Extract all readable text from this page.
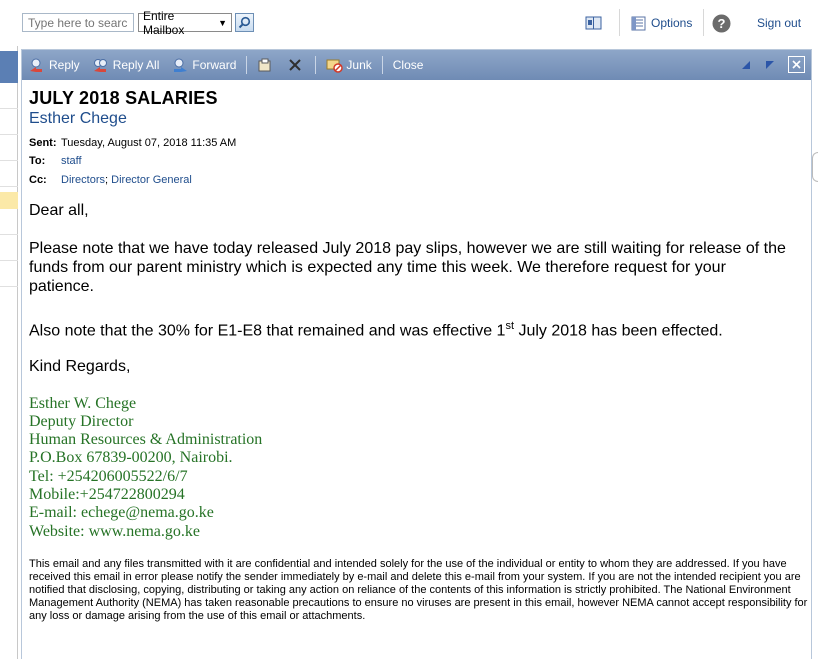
Type here to search
Entire Mailbox	▼	Options ?	Sign out
Reply	Reply All	Forward	Junk Close
JULY 2018 SALARIES
Esther Chege
Sent: Tuesday, August 07, 2018 11:35 AM
To: staff
Cc: Directors; Director General
Dear all,
Please note that we have today released July 2018 pay slips, however we are still waiting for release of the
funds from our parent ministry which is expected any time this week. We therefore request for your
patience.
Also note that the 30% for E1-E8 that remained and was effective 1st July 2018 has been effected.
Kind Regards,
Esther W. Chege
Deputy Director
Human Resources & Administration
P.O.Box 67839-00200, Nairobi.
Tel: +254206005522/6/7
Mobile:+254722800294
E-mail: echege@nema.go.ke
Website: www.nema.go.ke
This email and any files transmitted with it are confidential and intended solely for the use of the individual or entity to whom they are addressed. If you have received this email in error please notify the sender immediately by e-mail and delete this e-mail from your system. If you are not the intended recipient you are notified that disclosing, copying, distributing or taking any action on reliance of the contents of this information is strictly prohibited. The National Environment Management Authority (NEMA) has taken reasonable precautions to ensure no viruses are present in this email, however NEMA cannot accept responsibility for any loss or damage arising from the use of this email or attachments.
